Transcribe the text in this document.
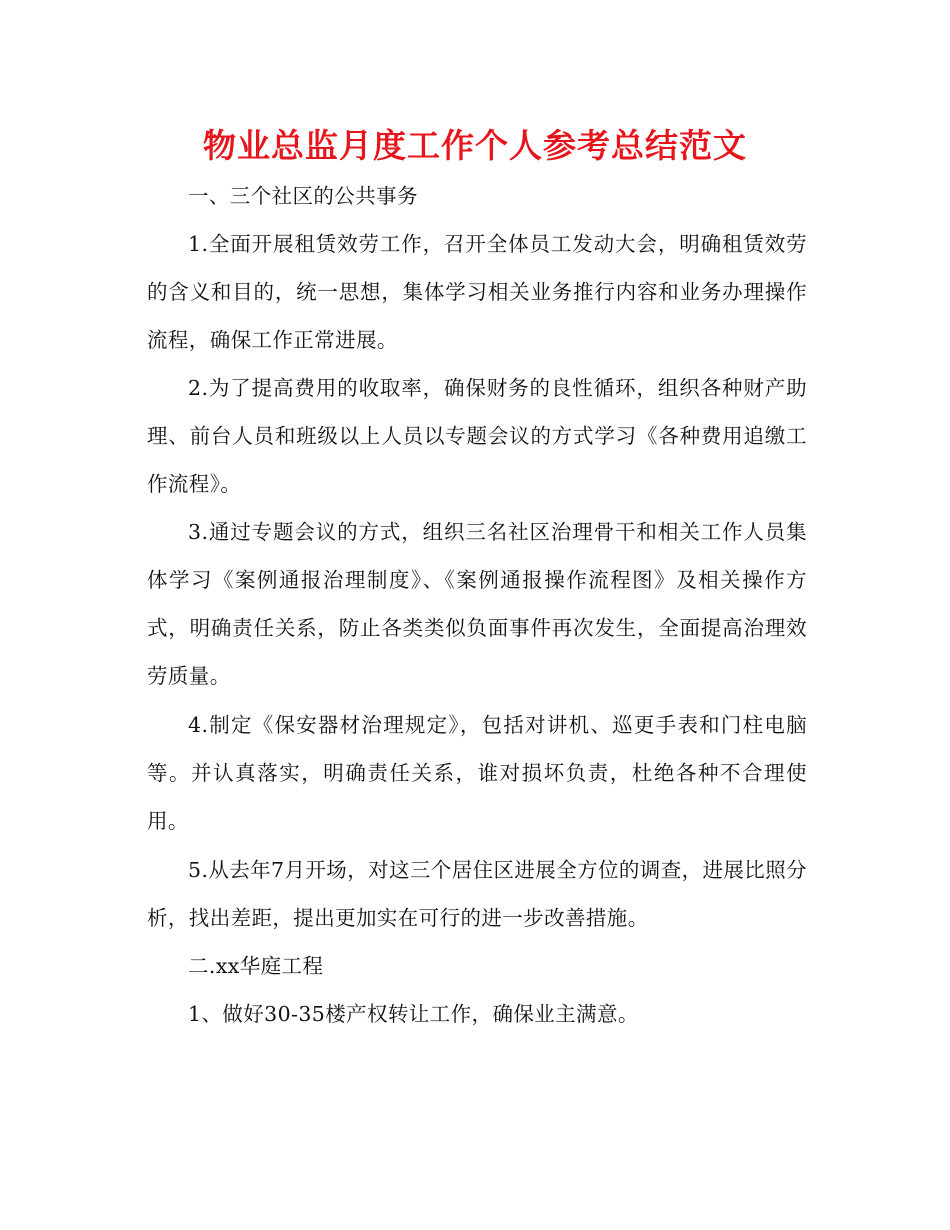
物业总监月度工作个人参考总结范文

一、三个社区的公共事务

1.全面开展租赁效劳工作，召开全体员工发动大会，明确租赁效劳的含义和目的，统一思想，集体学习相关业务推行内容和业务办理操作流程，确保工作正常进展。

2.为了提高费用的收取率，确保财务的良性循环，组织各种财产助理、前台人员和班级以上人员以专题会议的方式学习《各种费用追缴工作流程》。

3.通过专题会议的方式，组织三名社区治理骨干和相关工作人员集体学习《案例通报治理制度》、《案例通报操作流程图》及相关操作方式，明确责任关系，防止各类类似负面事件再次发生，全面提高治理效劳质量。

4.制定《保安器材治理规定》，包括对讲机、巡更手表和门柱电脑等。并认真落实，明确责任关系，谁对损坏负责，杜绝各种不合理使用。

5.从去年7月开场，对这三个居住区进展全方位的调查，进展比照分析，找出差距，提出更加实在可行的进一步改善措施。

二.xx华庭工程

1、做好30-35楼产权转让工作，确保业主满意。
